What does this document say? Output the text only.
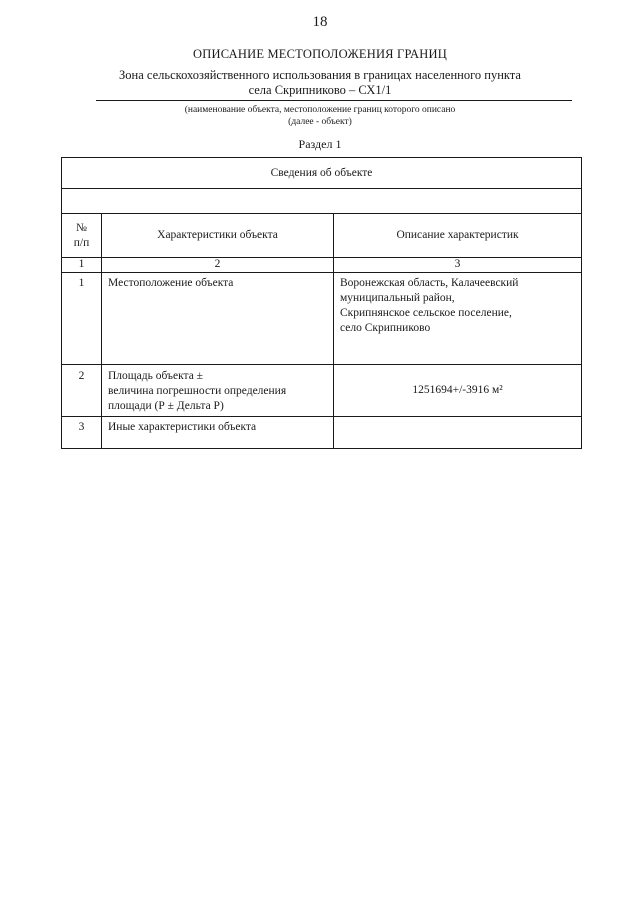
18
ОПИСАНИЕ МЕСТОПОЛОЖЕНИЯ ГРАНИЦ
Зона сельскохозяйственного использования в границах населенного пункта
села Скрипниково – СХ1/1
(наименование объекта, местоположение границ которого описано
(далее - объект)
Раздел 1
Сведения об объекте		

№
п/п	Характеристики объекта	Описание характеристик
1	2	3
1	Местоположение объекта	Воронежская область, Калачеевский
муниципальный район,
Скрипнянское сельское поселение,
село Скрипниково

2	Площадь объекта ±
величина погрешности определения
площади (Р ± Дельта Р)	1251694+/-3916 м²
3	Иные характеристики объекта	
